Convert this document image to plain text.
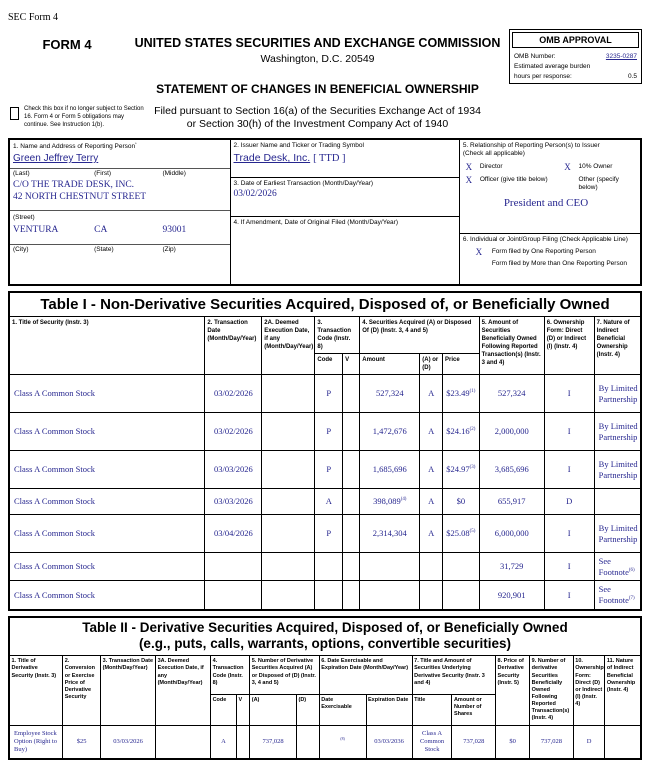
SEC Form 4
FORM 4	UNITED STATES SECURITIES AND EXCHANGE COMMISSION
Washington, D.C. 20549
STATEMENT OF CHANGES IN BENEFICIAL OWNERSHIP
Filed pursuant to Section 16(a) of the Securities Exchange Act of 1934
or Section 30(h) of the Investment Company Act of 1940
OMB APPROVAL
OMB Number:	3235-0287
Estimated average burden
hours per response:	0.5
Check this box if no longer subject to Section 16. Form 4 or Form 5 obligations may continue. See Instruction 1(b).
1. Name and Address of Reporting Person*
Green Jeffrey Terry
(Last)	(First)	(Middle)
C/O THE TRADE DESK, INC.
42 NORTH CHESTNUT STREET
(Street)
VENTURA	CA	93001
(City)	(State)	(Zip)
2. Issuer Name and Ticker or Trading Symbol
Trade Desk, Inc. [ TTD ]
3. Date of Earliest Transaction (Month/Day/Year)
03/02/2026
4. If Amendment, Date of Original Filed (Month/Day/Year)
5. Relationship of Reporting Person(s) to Issuer
(Check all applicable)
X	Director	X	10% Owner
X	Officer (give title below)	Other (specify below)
President and CEO
6. Individual or Joint/Group Filing (Check Applicable Line)
X	Form filed by One Reporting Person
Form filed by More than One Reporting Person
Table I - Non-Derivative Securities Acquired, Disposed of, or Beneficially Owned										
1. Title of Security (Instr. 3)	2. Transaction Date (Month/Day/Year)	2A. Deemed Execution Date, if any (Month/Day/Year)	3. Transaction Code (Instr. 8)		4. Securities Acquired (A) or Disposed Of (D) (Instr. 3, 4 and 5)			5. Amount of Securities Beneficially Owned Following Reported Transaction(s) (Instr. 3 and 4)	6. Ownership Form: Direct (D) or Indirect (I) (Instr. 4)	7. Nature of Indirect Beneficial Ownership (Instr. 4)
			Code	V	Amount	(A) or (D)	Price			
Class A Common Stock	03/02/2026		P		527,324	A	$23.49$^{(1)}$	527,324	I	By Limited Partnership
Class A Common Stock	03/02/2026		P		1,472,676	A	$24.16$^{(2)}$	2,000,000	I	By Limited Partnership
Class A Common Stock	03/03/2026		P		1,685,696	A	$24.97$^{(3)}$	3,685,696	I	By Limited Partnership
Class A Common Stock	03/03/2026		A		398,089$^{(4)}$	A	$0	655,917	D	
Class A Common Stock	03/04/2026		P		2,314,304	A	$25.08$^{(5)}$	6,000,000	I	By Limited Partnership
Class A Common Stock								31,729	I	See Footnote$^{(6)}$
Class A Common Stock								920,901	I	See Footnote$^{(7)}$
Table II - Derivative Securities Acquired, Disposed of, or Beneficially Owned
(e.g., puts, calls, warrants, options, convertible securities)															

1. Title of Derivative Security (Instr. 3)	2. Conversion or Exercise Price of Derivative Security	3. Transaction Date (Month/Day/Year)	3A. Deemed Execution Date, if any (Month/Day/Year)	4. Transaction Code (Instr. 8)		5. Number of Derivative Securities Acquired (A) or Disposed of (D) (Instr. 3, 4 and 5)		6. Date Exercisable and Expiration Date (Month/Day/Year)		7. Title and Amount of Securities Underlying Derivative Security (Instr. 3 and 4)		8. Price of Derivative Security (Instr. 5)	9. Number of derivative Securities Beneficially Owned Following Reported Transaction(s) (Instr. 4)	10. Ownership Form: Direct (D) or Indirect (I) (Instr. 4)	11. Nature of Indirect Beneficial Ownership (Instr. 4)
				Code	V	(A)	(D)	Date Exercisable	Expiration Date	Title	Amount or Number of Shares				
Employee Stock Option (Right to Buy)	$25	03/03/2026		A		737,028		$^{(8)}$	03/03/2036	Class A Common Stock	737,028	$0	737,028	D	
